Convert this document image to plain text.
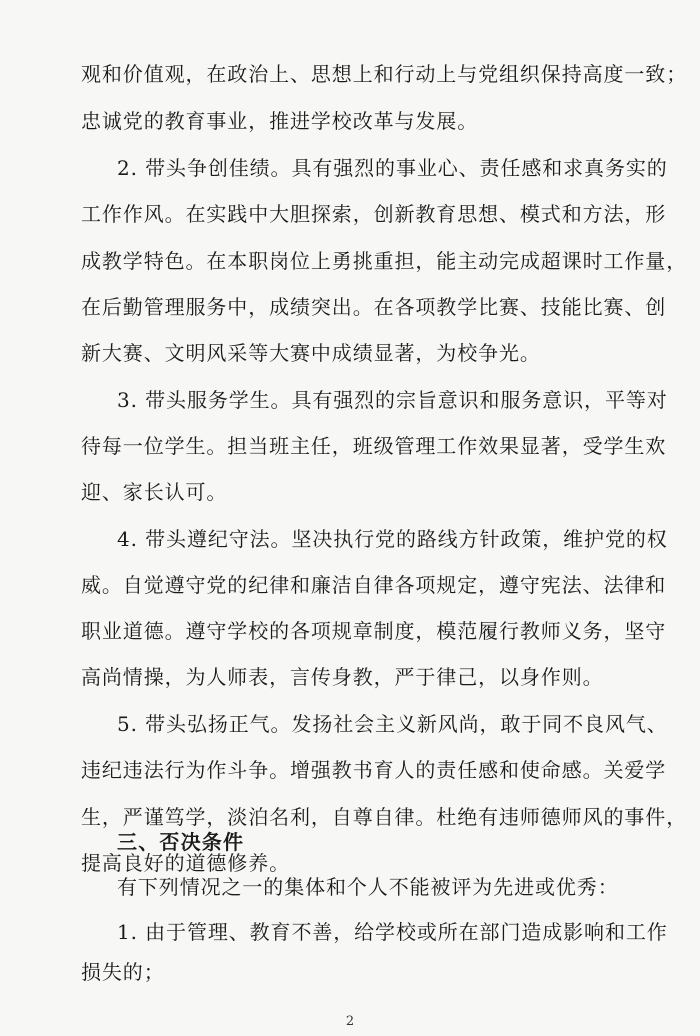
观和价值观，在政治上、思想上和行动上与党组织保持高度一致；
忠诚党的教育事业，推进学校改革与发展。
2. 带头争创佳绩。具有强烈的事业心、责任感和求真务实的
工作作风。在实践中大胆探索，创新教育思想、模式和方法，形
成教学特色。在本职岗位上勇挑重担，能主动完成超课时工作量，
在后勤管理服务中，成绩突出。在各项教学比赛、技能比赛、创
新大赛、文明风采等大赛中成绩显著，为校争光。
3. 带头服务学生。具有强烈的宗旨意识和服务意识，平等对
待每一位学生。担当班主任，班级管理工作效果显著，受学生欢
迎、家长认可。
4. 带头遵纪守法。坚决执行党的路线方针政策，维护党的权
威。自觉遵守党的纪律和廉洁自律各项规定，遵守宪法、法律和
职业道德。遵守学校的各项规章制度，模范履行教师义务，坚守
高尚情操，为人师表，言传身教，严于律己，以身作则。
5. 带头弘扬正气。发扬社会主义新风尚，敢于同不良风气、
违纪违法行为作斗争。增强教书育人的责任感和使命感。关爱学
生，严谨笃学，淡泊名利，自尊自律。杜绝有违师德师风的事件，
提高良好的道德修养。
三、否决条件
有下列情况之一的集体和个人不能被评为先进或优秀：
2
1. 由于管理、教育不善，给学校或所在部门造成影响和工作
损失的；
